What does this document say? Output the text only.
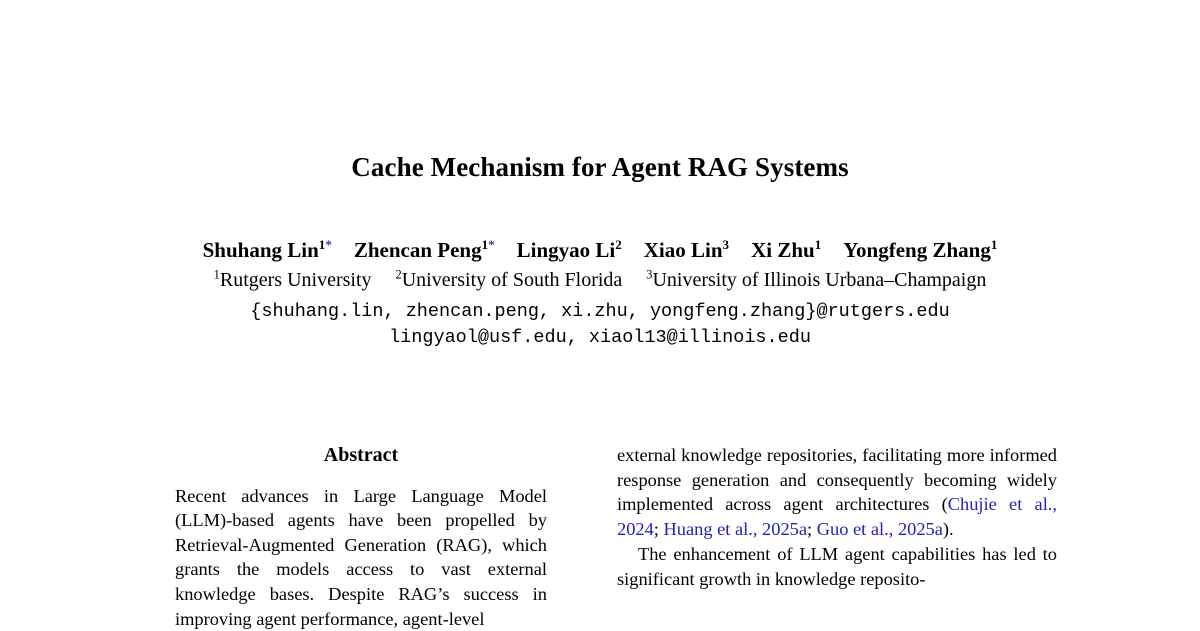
Cache Mechanism for Agent RAG Systems
Shuhang Lin$^{1*}$ Zhencan Peng$^{1*}$ Lingyao Li$^2$ Xiao Lin$^3$ Xi Zhu$^1$ Yongfeng Zhang$^1$
$^1$Rutgers University $^2$University of South Florida $^3$University of Illinois Urbana–Champaign
{shuhang.lin, zhencan.peng, xi.zhu, yongfeng.zhang}@rutgers.edu
lingyaol@usf.edu, xiaol13@illinois.edu
Abstract

Recent advances in Large Language Model (LLM)-based agents have been propelled by Retrieval-Augmented Generation (RAG), which grants the models access to vast external knowledge bases. Despite RAG’s success in improving agent performance, agent-level

external knowledge repositories, facilitating more informed response generation and consequently becoming widely implemented across agent architectures (Chujie et al., 2024; Huang et al., 2025a; Guo et al., 2025a).

The enhancement of LLM agent capabilities has led to significant growth in knowledge reposito-
